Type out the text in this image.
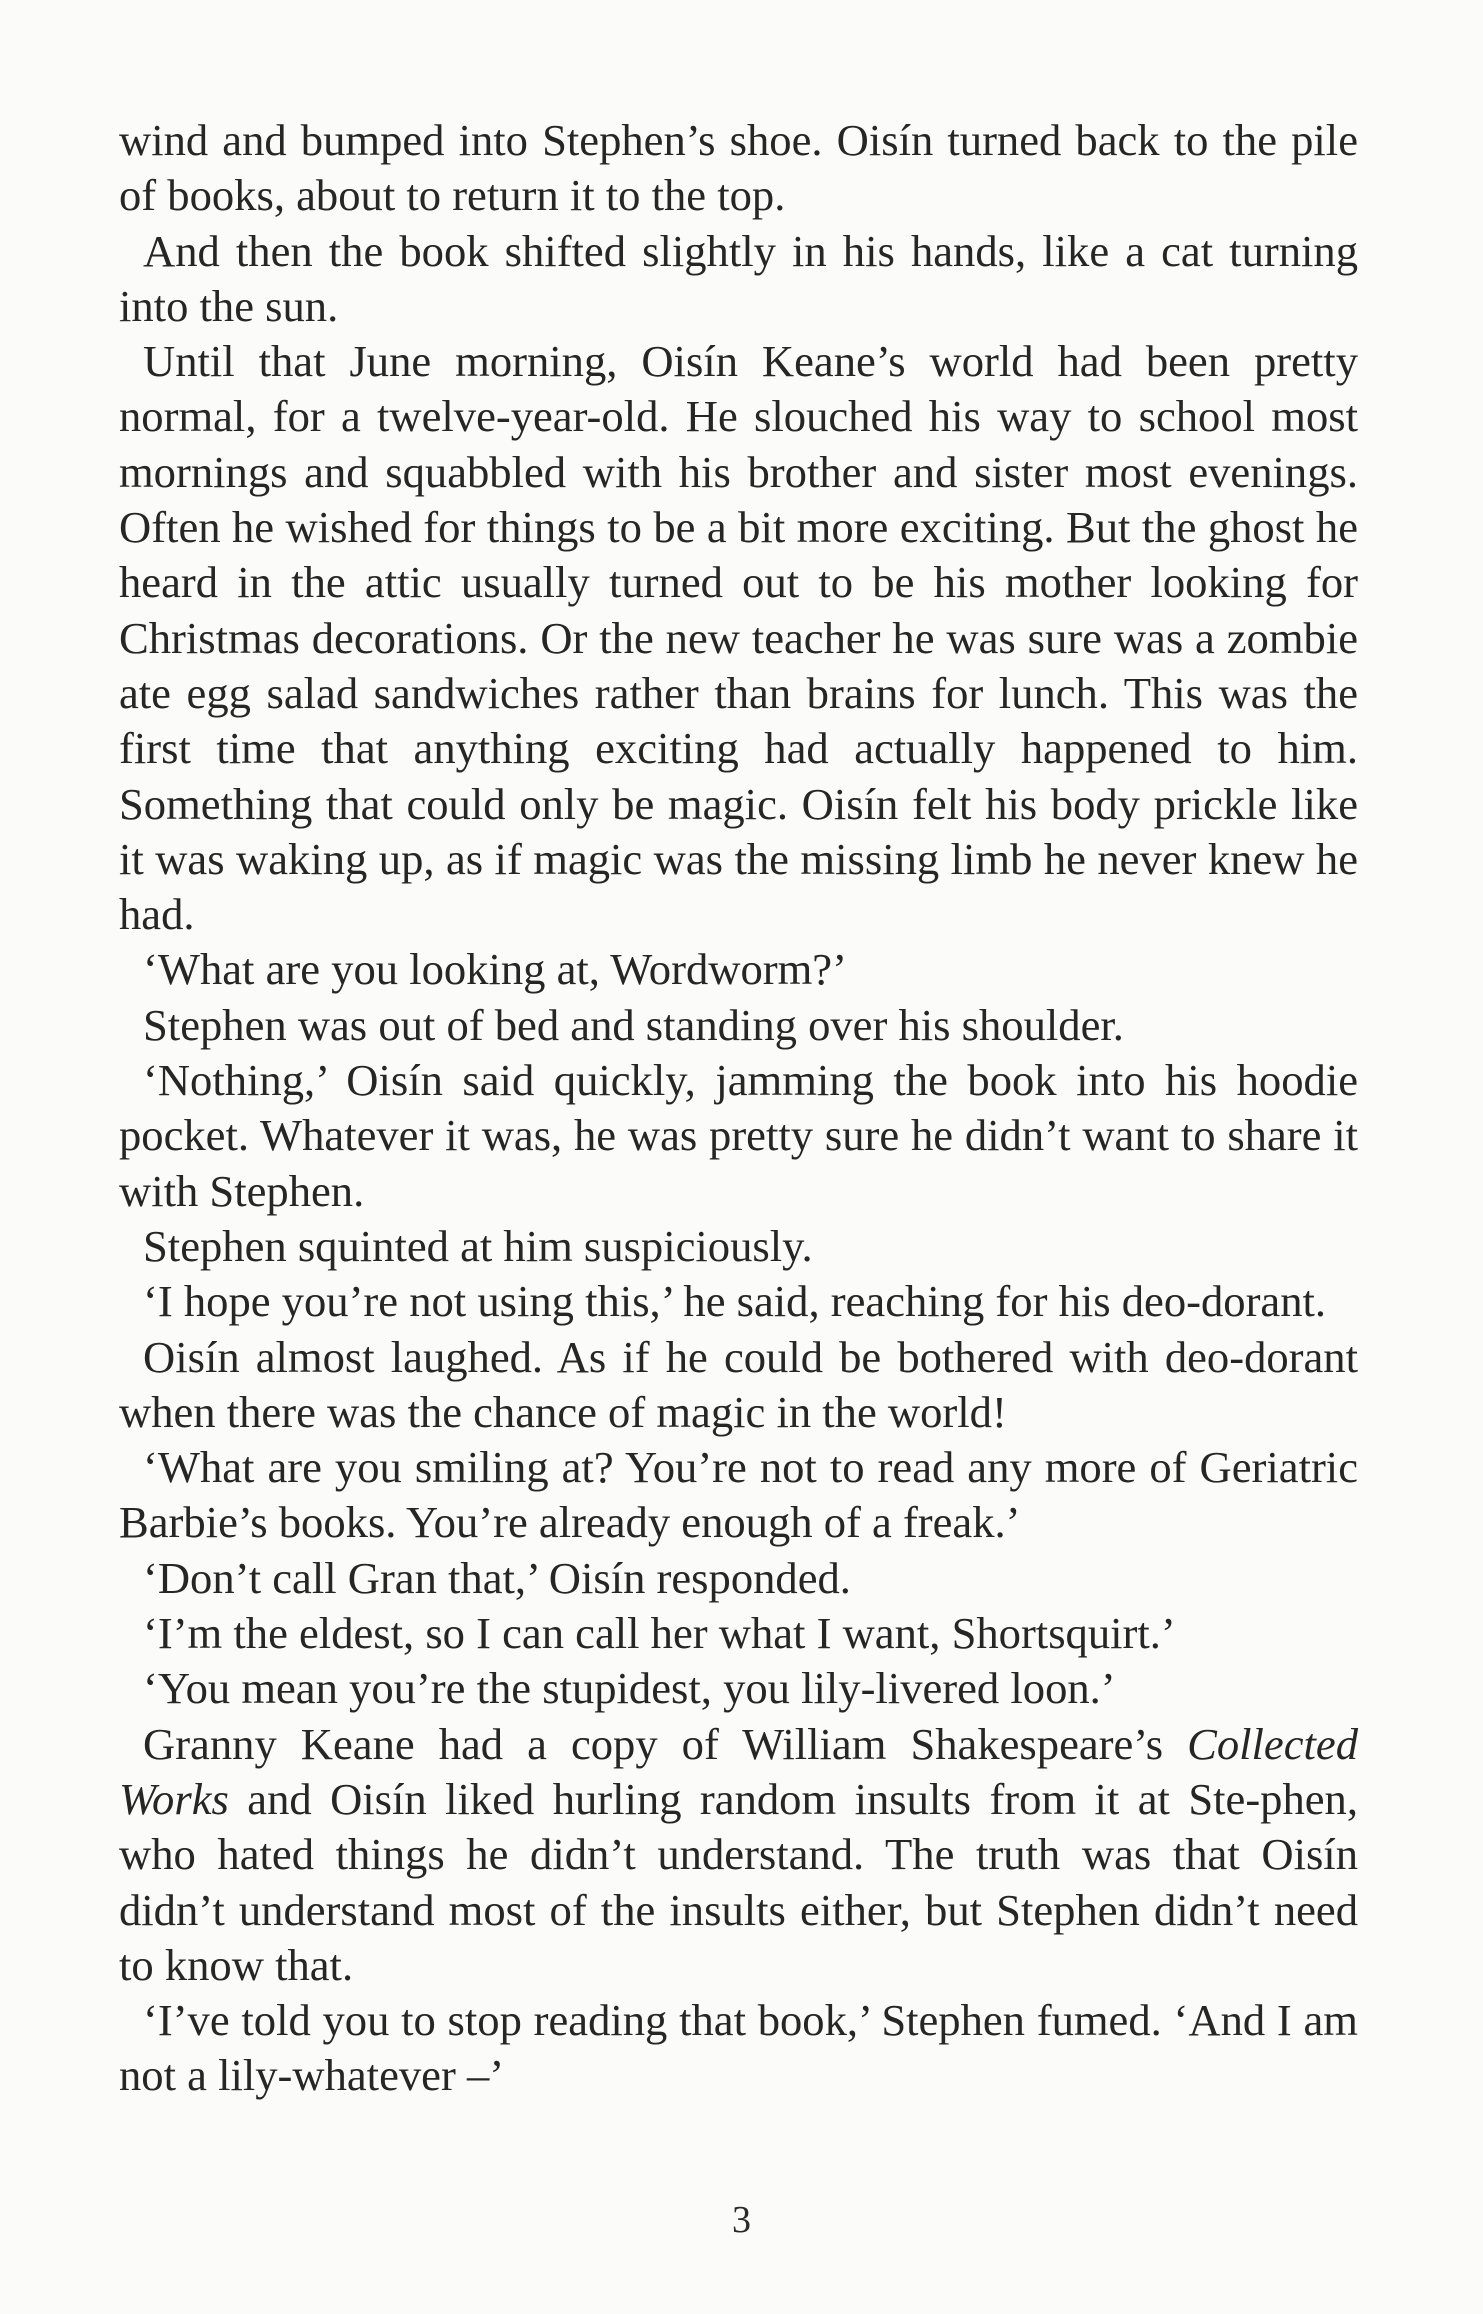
wind and bumped into Stephen’s shoe. Oisín turned back to the pile of books, about to return it to the top.

And then the book shifted slightly in his hands, like a cat turning into the sun.

Until that June morning, Oisín Keane’s world had been pretty normal, for a twelve-year-old. He slouched his way to school most mornings and squabbled with his brother and sister most evenings. Often he wished for things to be a bit more exciting. But the ghost he heard in the attic usually turned out to be his mother looking for Christmas decorations. Or the new teacher he was sure was a zombie ate egg salad sandwiches rather than brains for lunch. This was the first time that anything exciting had actually happened to him. Something that could only be magic. Oisín felt his body prickle like it was waking up, as if magic was the missing limb he never knew he had.

‘What are you looking at, Wordworm?’

Stephen was out of bed and standing over his shoulder.

‘Nothing,’ Oisín said quickly, jamming the book into his hoodie pocket. Whatever it was, he was pretty sure he didn’t want to share it with Stephen.

Stephen squinted at him suspiciously.

‘I hope you’re not using this,’ he said, reaching for his deo-dorant.

Oisín almost laughed. As if he could be bothered with deo-dorant when there was the chance of magic in the world!

‘What are you smiling at? You’re not to read any more of Geriatric Barbie’s books. You’re already enough of a freak.’

‘Don’t call Gran that,’ Oisín responded.

‘I’m the eldest, so I can call her what I want, Shortsquirt.’

‘You mean you’re the stupidest, you lily-livered loon.’

Granny Keane had a copy of William Shakespeare’s Collected Works and Oisín liked hurling random insults from it at Ste-phen, who hated things he didn’t understand. The truth was that Oisín didn’t understand most of the insults either, but Stephen didn’t need to know that.

‘I’ve told you to stop reading that book,’ Stephen fumed. ‘And I am not a lily-whatever –’

3
